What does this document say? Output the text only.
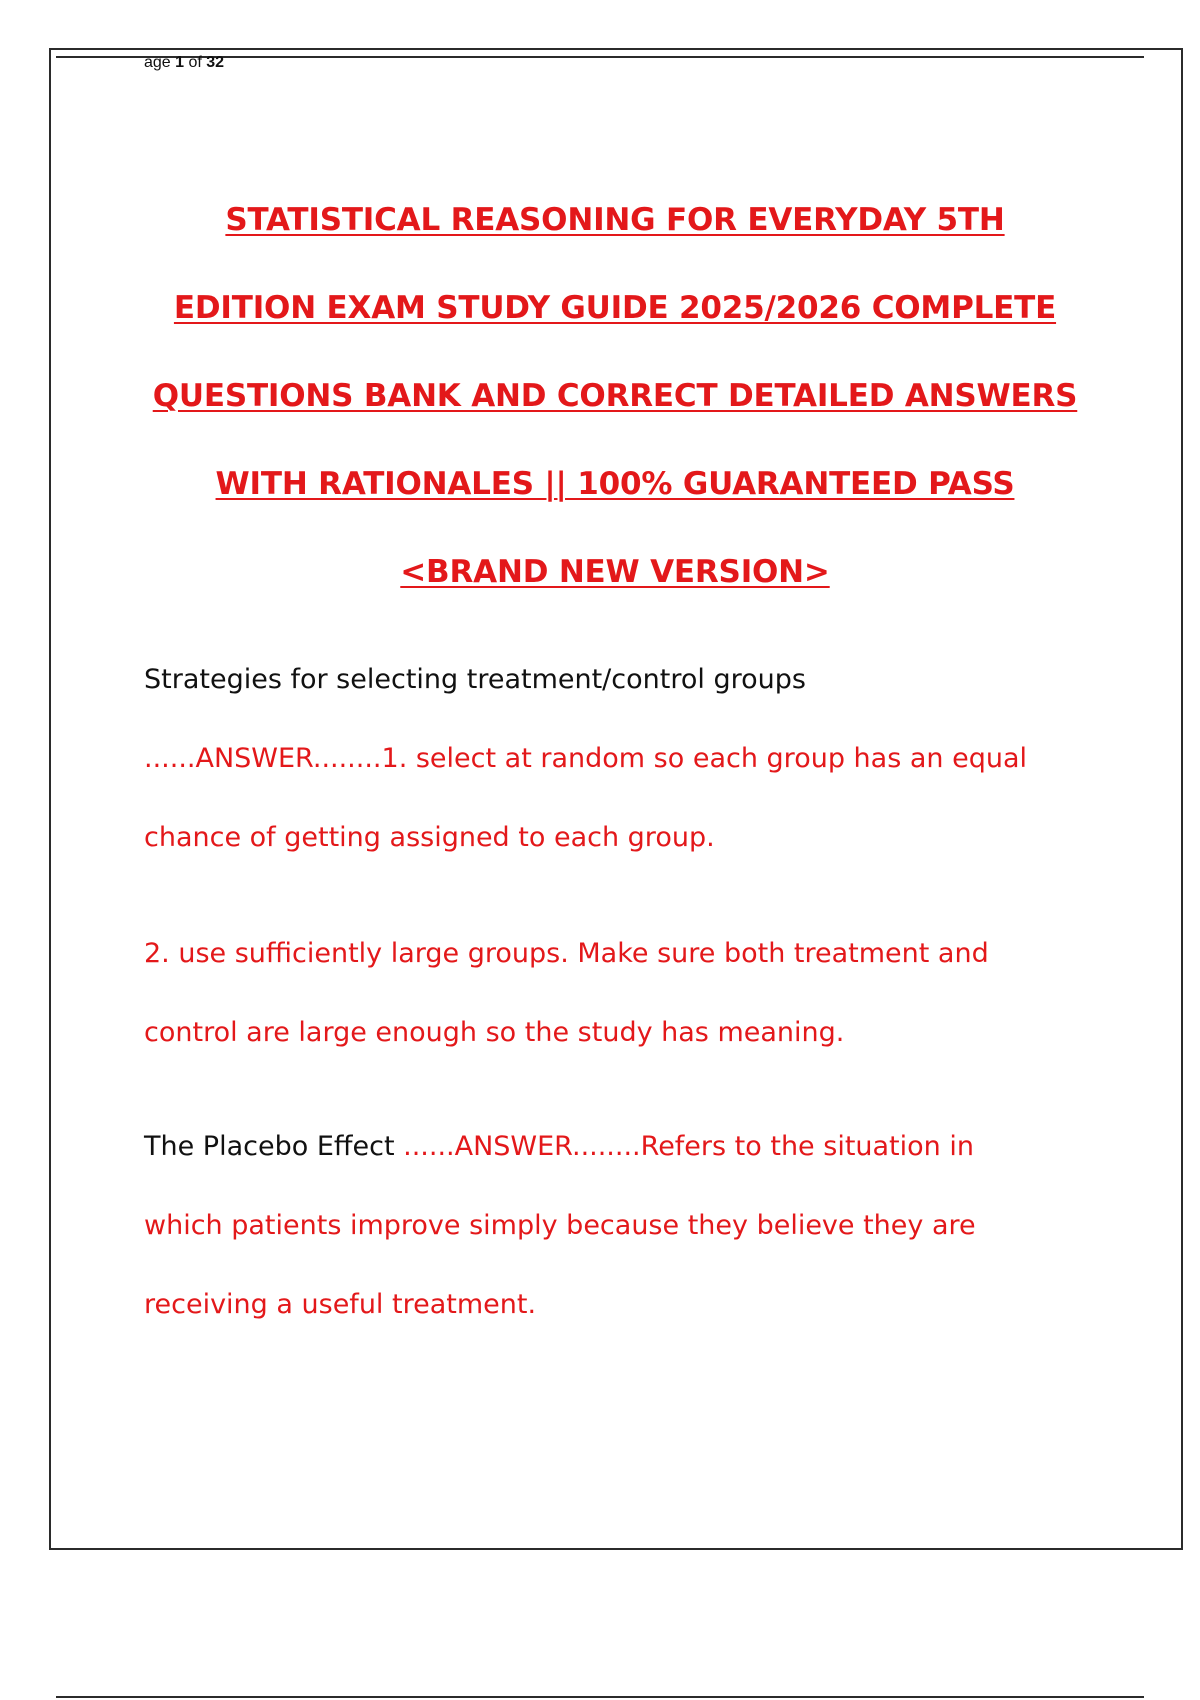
age 1 of 32
STATISTICAL REASONING FOR EVERYDAY 5TH
EDITION EXAM STUDY GUIDE 2025/2026 COMPLETE
QUESTIONS BANK AND CORRECT DETAILED ANSWERS
WITH RATIONALES || 100% GUARANTEED PASS
<BRAND NEW VERSION>
Strategies for selecting treatment/control groups
......ANSWER........1. select at random so each group has an equal
chance of getting assigned to each group.
2. use sufficiently large groups. Make sure both treatment and
control are large enough so the study has meaning.
The Placebo Effect ......ANSWER........Refers to the situation in
which patients improve simply because they believe they are
receiving a useful treatment.
